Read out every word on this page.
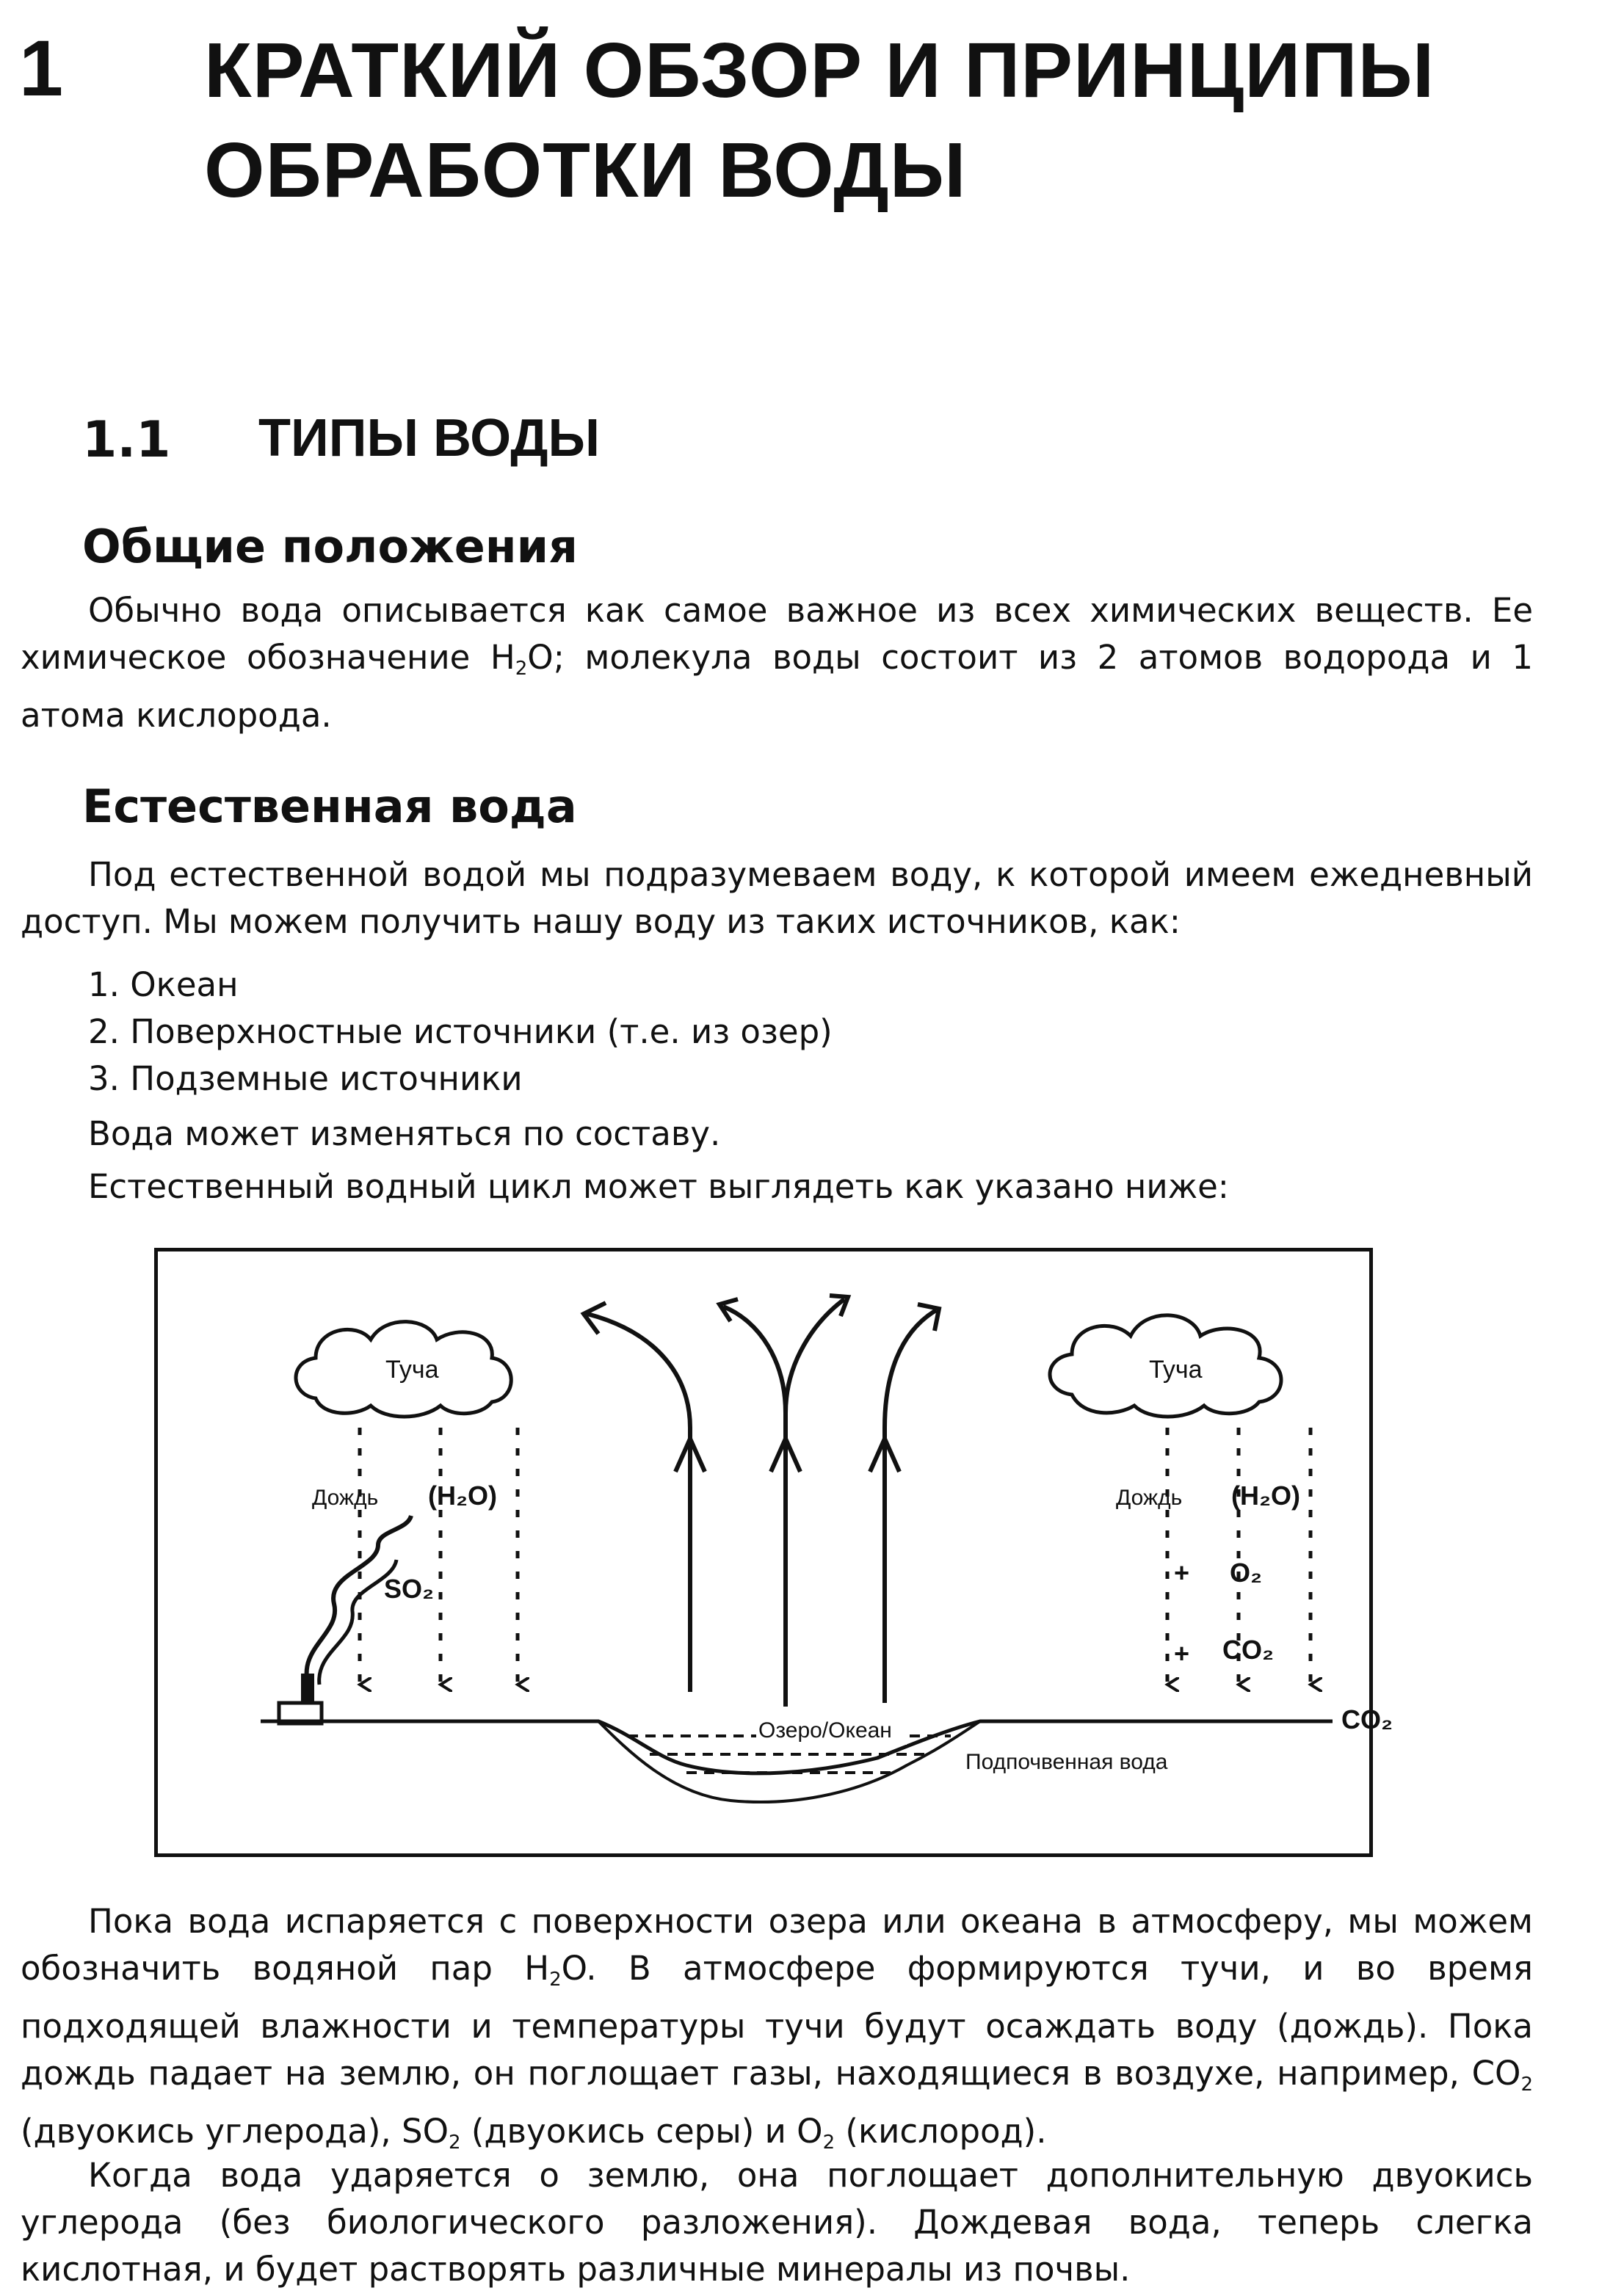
1 КРАТКИЙ ОБЗОР И ПРИНЦИПЫ ОБРАБОТКИ ВОДЫ
1.1 ТИПЫ ВОДЫ
Общие положения
Обычно вода описывается как самое важное из всех химических веществ. Ее химическое обозначение $H_2O$; молекула воды состоит из 2 атомов водорода и 1 атома кислорода.
Естественная вода
Под естественной водой мы подразумеваем воду, к которой имеем ежедневный доступ. Мы можем получить нашу воду из таких источников, как:
1. Океан
2. Поверхностные источники (т.е. из озер)
3. Подземные источники
Вода может изменяться по составу.
Естественный водный цикл может выглядеть как указано ниже:
Туча	Туча
Дождь (H₂O)
SO₂
Дождь (H₂O)
+ O₂
+ CO₂
Озеро/Океан
Подпочвенная вода
CO₂
Пока вода испаряется с поверхности озера или океана в атмосферу, мы можем обозначить водяной пар $H_2O$. В атмосфере формируются тучи, и во время подходящей влажности и температуры тучи будут осаждать воду (дождь). Пока дождь падает на землю, он поглощает газы, находящиеся в воздухе, например, $CO_2$ (двуокись углерода), $SO_2$ (двуокись серы) и $O_2$ (кислород).
Когда вода ударяется о землю, она поглощает дополнительную двуокись углерода (без биологического разложения). Дождевая вода, теперь слегка кислотная, и будет растворять различные минералы из почвы.
